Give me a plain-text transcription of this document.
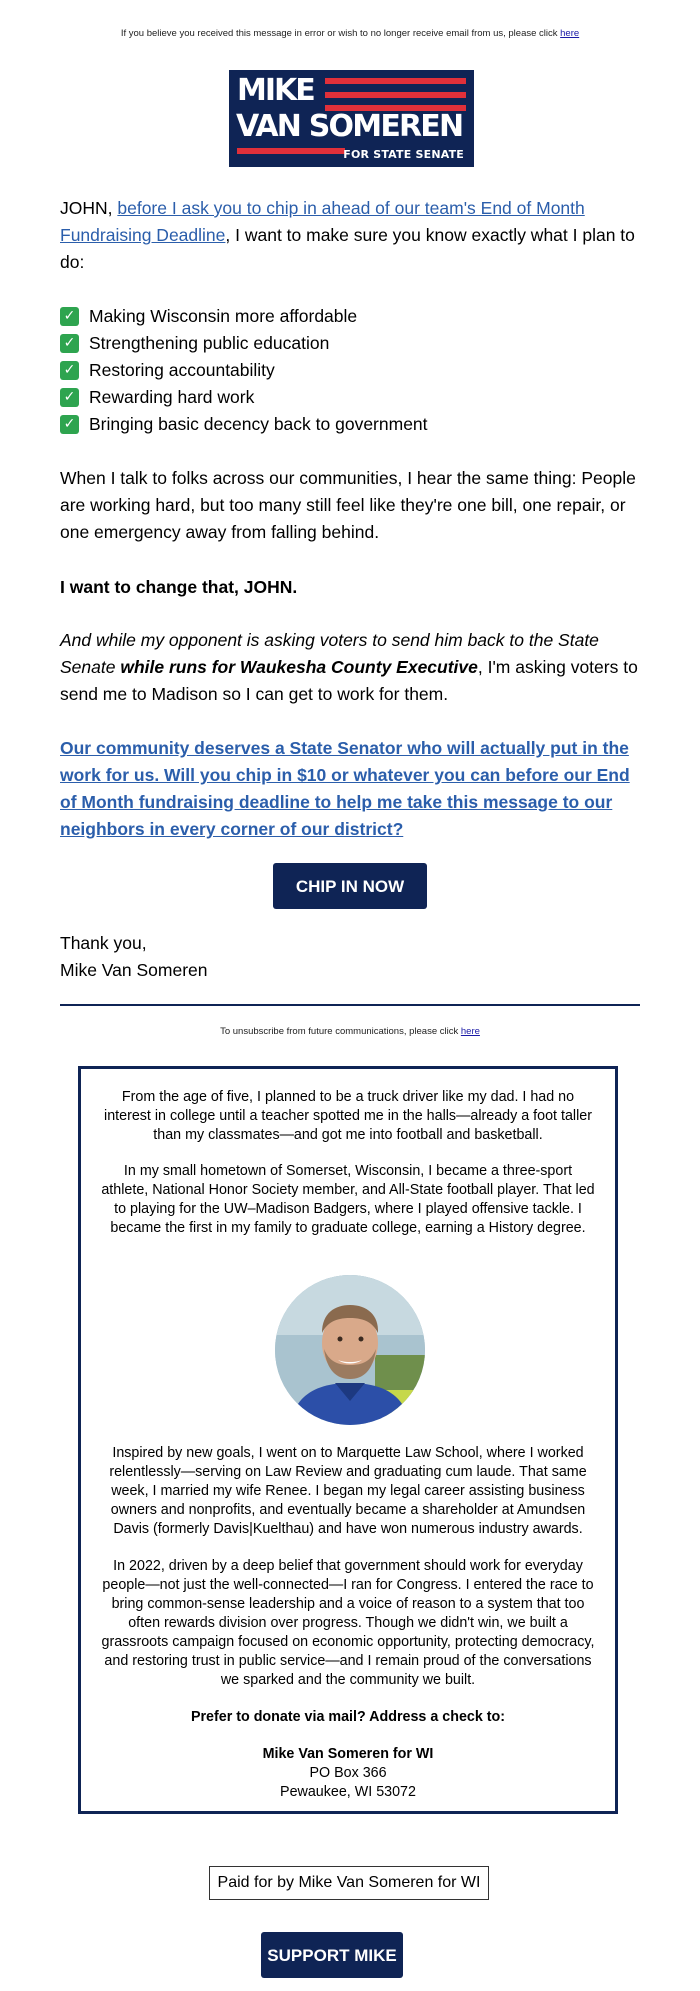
If you believe you received this message in error or wish to no longer receive email from us, please click here
MIKE
VAN SOMEREN
FOR STATE SENATE
JOHN, before I ask you to chip in ahead of our team's End of Month Fundraising Deadline, I want to make sure you know exactly what I plan to do:
✓ Making Wisconsin more affordable
✓ Strengthening public education
✓ Restoring accountability
✓ Rewarding hard work
✓ Bringing basic decency back to government
When I talk to folks across our communities, I hear the same thing: People are working hard, but too many still feel like they're one bill, one repair, or one emergency away from falling behind.
I want to change that, JOHN.
And while my opponent is asking voters to send him back to the State Senate while runs for Waukesha County Executive, I'm asking voters to send me to Madison so I can get to work for them.
Our community deserves a State Senator who will actually put in the work for us. Will you chip in $10 or whatever you can before our End of Month fundraising deadline to help me take this message to our neighbors in every corner of our district?
CHIP IN NOW
Thank you,
Mike Van Someren
To unsubscribe from future communications, please click here
From the age of five, I planned to be a truck driver like my dad. I had no interest in college until a teacher spotted me in the halls—already a foot taller than my classmates—and got me into football and basketball.
In my small hometown of Somerset, Wisconsin, I became a three-sport athlete, National Honor Society member, and All-State football player. That led to playing for the UW–Madison Badgers, where I played offensive tackle. I became the first in my family to graduate college, earning a History degree.
Inspired by new goals, I went on to Marquette Law School, where I worked relentlessly—serving on Law Review and graduating cum laude. That same week, I married my wife Renee. I began my legal career assisting business owners and nonprofits, and eventually became a shareholder at Amundsen Davis (formerly Davis|Kuelthau) and have won numerous industry awards.
In 2022, driven by a deep belief that government should work for everyday people—not just the well-connected—I ran for Congress. I entered the race to bring common-sense leadership and a voice of reason to a system that too often rewards division over progress. Though we didn't win, we built a grassroots campaign focused on economic opportunity, protecting democracy, and restoring trust in public service—and I remain proud of the conversations we sparked and the community we built.
Prefer to donate via mail? Address a check to:
Mike Van Someren for WI
PO Box 366
Pewaukee, WI 53072
Paid for by Mike Van Someren for WI
SUPPORT MIKE
